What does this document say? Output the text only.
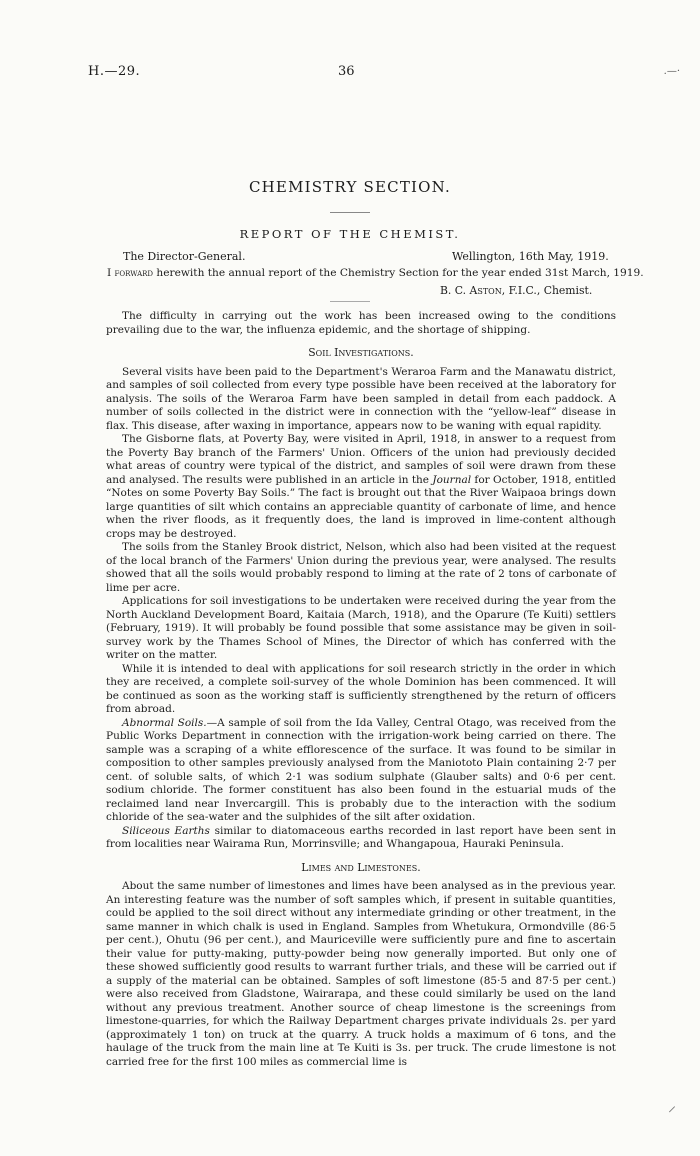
H.—29.	36	.—·
CHEMISTRY SECTION.
REPORT OF THE CHEMIST.
The Director-General.	Wellington, 16th May, 1919.
I forward herewith the annual report of the Chemistry Section for the year ended 31st March, 1919.
B. C. Aston, F.I.C., Chemist.

The difficulty in carrying out the work has been increased owing to the conditions prevailing due to the war, the influenza epidemic, and the shortage of shipping.

Soil Investigations.

Several visits have been paid to the Department's Weraroa Farm and the Manawatu district, and samples of soil collected from every type possible have been received at the laboratory for analysis. The soils of the Weraroa Farm have been sampled in detail from each paddock. A number of soils collected in the district were in connection with the “yellow-leaf” disease in flax. This disease, after waxing in importance, appears now to be waning with equal rapidity.

The Gisborne flats, at Poverty Bay, were visited in April, 1918, in answer to a request from the Poverty Bay branch of the Farmers' Union. Officers of the union had previously decided what areas of country were typical of the district, and samples of soil were drawn from these and analysed. The results were published in an article in the Journal for October, 1918, entitled “Notes on some Poverty Bay Soils.” The fact is brought out that the River Waipaoa brings down large quantities of silt which contains an appreciable quantity of carbonate of lime, and hence when the river floods, as it frequently does, the land is improved in lime-content although crops may be destroyed.

The soils from the Stanley Brook district, Nelson, which also had been visited at the request of the local branch of the Farmers' Union during the previous year, were analysed. The results showed that all the soils would probably respond to liming at the rate of 2 tons of carbonate of lime per acre.

Applications for soil investigations to be undertaken were received during the year from the North Auckland Development Board, Kaitaia (March, 1918), and the Oparure (Te Kuiti) settlers (February, 1919). It will probably be found possible that some assistance may be given in soil-survey work by the Thames School of Mines, the Director of which has conferred with the writer on the matter.

While it is intended to deal with applications for soil research strictly in the order in which they are received, a complete soil-survey of the whole Dominion has been commenced. It will be continued as soon as the working staff is sufficiently strengthened by the return of officers from abroad.

Abnormal Soils.—A sample of soil from the Ida Valley, Central Otago, was received from the Public Works Department in connection with the irrigation-work being carried on there. The sample was a scraping of a white efflorescence of the surface. It was found to be similar in composition to other samples previously analysed from the Maniototo Plain containing 2·7 per cent. of soluble salts, of which 2·1 was sodium sulphate (Glauber salts) and 0·6 per cent. sodium chloride. The former constituent has also been found in the estuarial muds of the reclaimed land near Invercargill. This is probably due to the interaction with the sodium chloride of the sea-water and the sulphides of the silt after oxidation.

Siliceous Earths similar to diatomaceous earths recorded in last report have been sent in from localities near Wairama Run, Morrinsville; and Whangapoua, Hauraki Peninsula.

Limes and Limestones.

About the same number of limestones and limes have been analysed as in the previous year. An interesting feature was the number of soft samples which, if present in suitable quantities, could be applied to the soil direct without any intermediate grinding or other treatment, in the same manner in which chalk is used in England. Samples from Whetukura, Ormondville (86·5 per cent.), Ohutu (96 per cent.), and Mauriceville were sufficiently pure and fine to ascertain their value for putty-making, putty-powder being now generally imported. But only one of these showed sufficiently good results to warrant further trials, and these will be carried out if a supply of the material can be obtained. Samples of soft limestone (85·5 and 87·5 per cent.) were also received from Gladstone, Wairarapa, and these could similarly be used on the land without any previous treatment. Another source of cheap limestone is the screenings from limestone-quarries, for which the Railway Department charges private individuals 2s. per yard (approximately 1 ton) on truck at the quarry. A truck holds a maximum of 6 tons, and the haulage of the truck from the main line at Te Kuiti is 3s. per truck. The crude limestone is not carried free for the first 100 miles as commercial lime is

⸝
